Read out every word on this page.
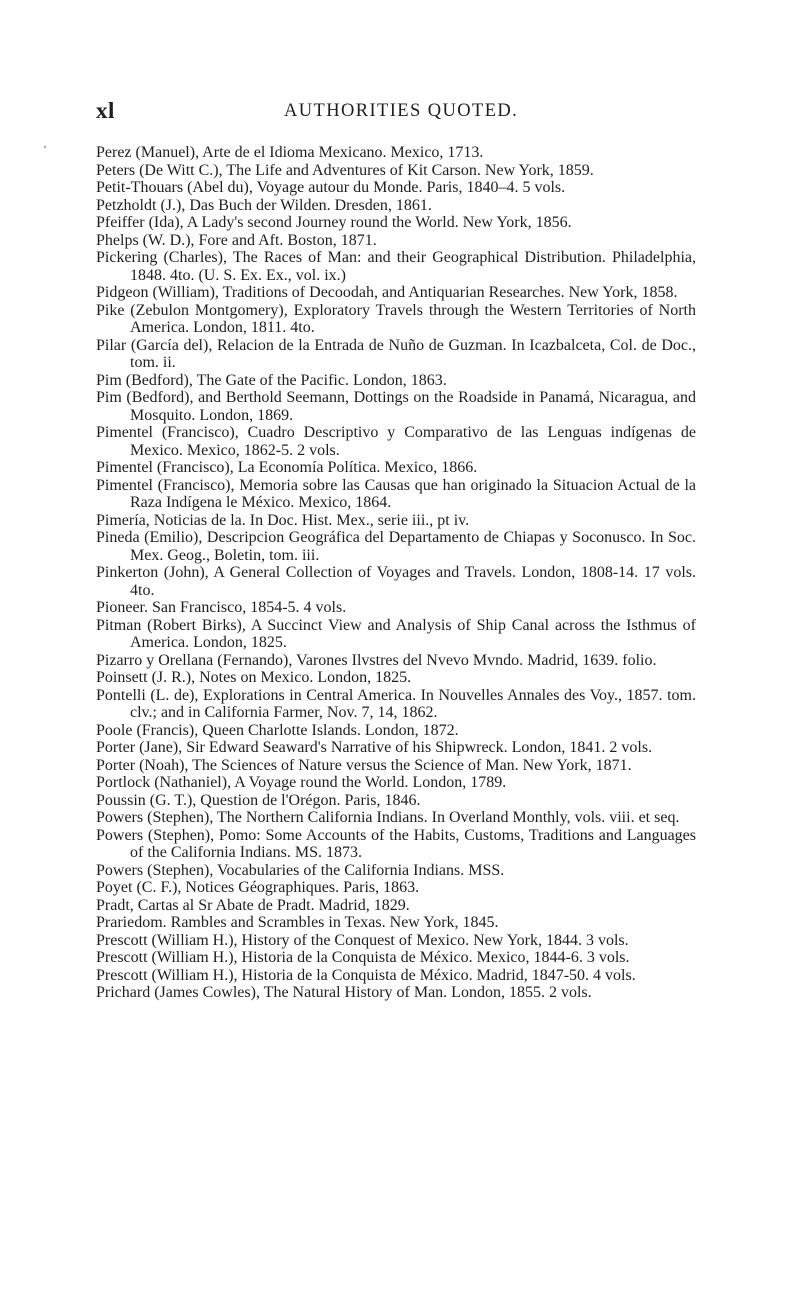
xl	AUTHORITIES QUOTED.

Perez (Manuel), Arte de el Idioma Mexicano. Mexico, 1713.

Peters (De Witt C.), The Life and Adventures of Kit Carson. New York, 1859.

Petit-Thouars (Abel du), Voyage autour du Monde. Paris, 1840–4. 5 vols.

Petzholdt (J.), Das Buch der Wilden. Dresden, 1861.

Pfeiffer (Ida), A Lady's second Journey round the World. New York, 1856.

Phelps (W. D.), Fore and Aft. Boston, 1871.

Pickering (Charles), The Races of Man: and their Geographical Distribution. Philadelphia, 1848. 4to. (U. S. Ex. Ex., vol. ix.)

Pidgeon (William), Traditions of Decoodah, and Antiquarian Researches. New York, 1858.

Pike (Zebulon Montgomery), Exploratory Travels through the Western Territories of North America. London, 1811. 4to.

Pilar (García del), Relacion de la Entrada de Nuño de Guzman. In Icazbalceta, Col. de Doc., tom. ii.

Pim (Bedford), The Gate of the Pacific. London, 1863.

Pim (Bedford), and Berthold Seemann, Dottings on the Roadside in Panamá, Nicaragua, and Mosquito. London, 1869.

Pimentel (Francisco), Cuadro Descriptivo y Comparativo de las Lenguas indígenas de Mexico. Mexico, 1862-5. 2 vols.

Pimentel (Francisco), La Economía Política. Mexico, 1866.

Pimentel (Francisco), Memoria sobre las Causas que han originado la Situacion Actual de la Raza Indígena le México. Mexico, 1864.

Pimería, Noticias de la. In Doc. Hist. Mex., serie iii., pt iv.

Pineda (Emilio), Descripcion Geográfica del Departamento de Chiapas y Soconusco. In Soc. Mex. Geog., Boletin, tom. iii.

Pinkerton (John), A General Collection of Voyages and Travels. London, 1808-14. 17 vols. 4to.

Pioneer. San Francisco, 1854-5. 4 vols.

Pitman (Robert Birks), A Succinct View and Analysis of Ship Canal across the Isthmus of America. London, 1825.

Pizarro y Orellana (Fernando), Varones Ilvstres del Nvevo Mvndo. Madrid, 1639. folio.

Poinsett (J. R.), Notes on Mexico. London, 1825.

Pontelli (L. de), Explorations in Central America. In Nouvelles Annales des Voy., 1857. tom. clv.; and in California Farmer, Nov. 7, 14, 1862.

Poole (Francis), Queen Charlotte Islands. London, 1872.

Porter (Jane), Sir Edward Seaward's Narrative of his Shipwreck. London, 1841. 2 vols.

Porter (Noah), The Sciences of Nature versus the Science of Man. New York, 1871.

Portlock (Nathaniel), A Voyage round the World. London, 1789.

Poussin (G. T.), Question de l'Orégon. Paris, 1846.

Powers (Stephen), The Northern California Indians. In Overland Monthly, vols. viii. et seq.

Powers (Stephen), Pomo: Some Accounts of the Habits, Customs, Traditions and Languages of the California Indians. MS. 1873.

Powers (Stephen), Vocabularies of the California Indians. MSS.

Poyet (C. F.), Notices Géographiques. Paris, 1863.

Pradt, Cartas al Sr Abate de Pradt. Madrid, 1829.

Prariedom. Rambles and Scrambles in Texas. New York, 1845.

Prescott (William H.), History of the Conquest of Mexico. New York, 1844. 3 vols.

Prescott (William H.), Historia de la Conquista de México. Mexico, 1844-6. 3 vols.

Prescott (William H.), Historia de la Conquista de México. Madrid, 1847-50. 4 vols.

Prichard (James Cowles), The Natural History of Man. London, 1855. 2 vols.
